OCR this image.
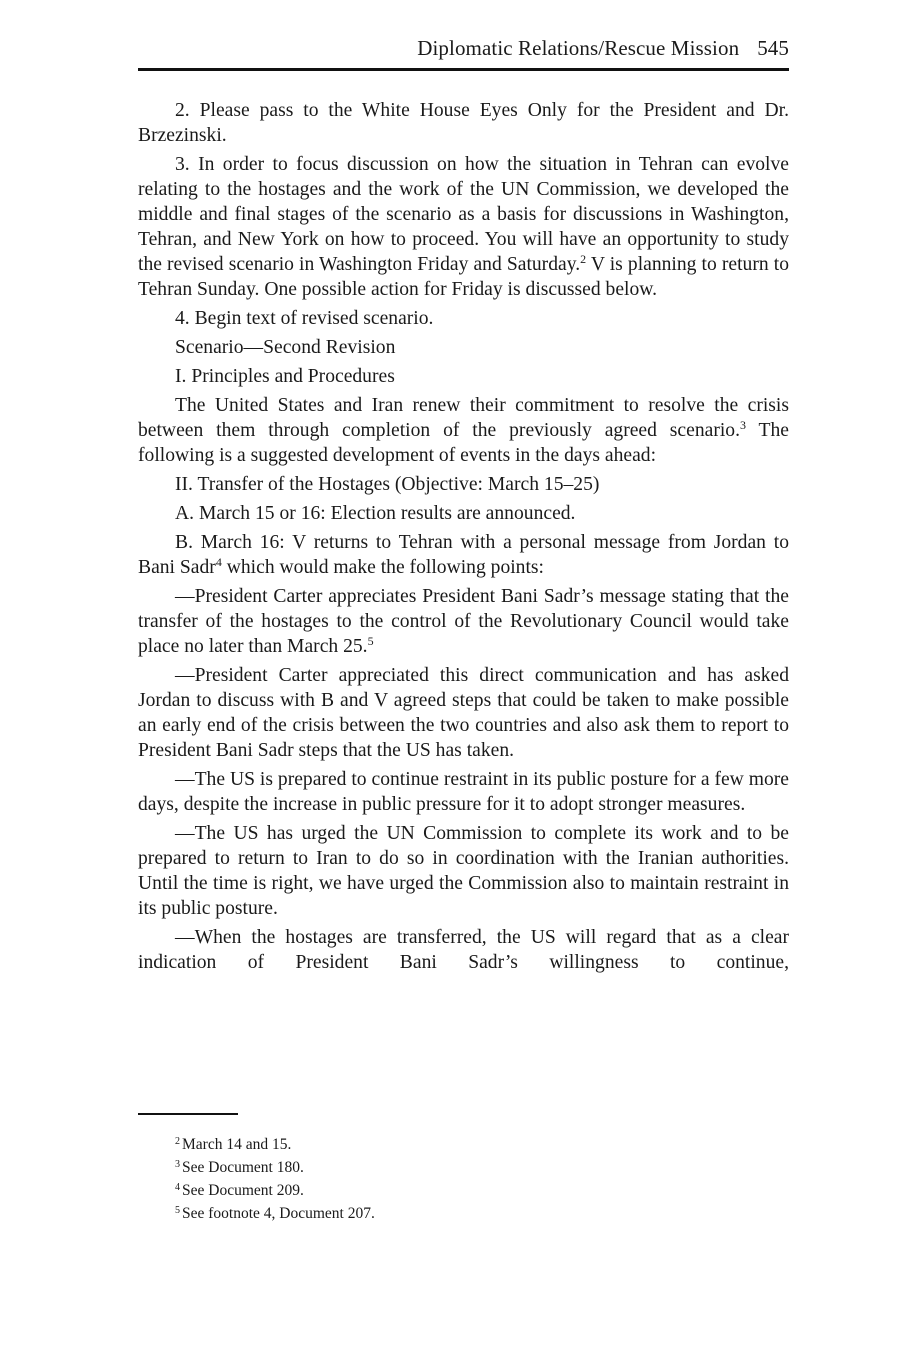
Diplomatic Relations/Rescue Mission 545

2. Please pass to the White House Eyes Only for the President and Dr. Brzezinski.

3. In order to focus discussion on how the situation in Tehran can evolve relating to the hostages and the work of the UN Commission, we developed the middle and final stages of the scenario as a basis for discussions in Washington, Tehran, and New York on how to proceed. You will have an opportunity to study the revised scenario in Washington Friday and Saturday.$^2$ V is planning to return to Tehran Sunday. One possible action for Friday is discussed below.

4. Begin text of revised scenario.

Scenario—Second Revision

I. Principles and Procedures

The United States and Iran renew their commitment to resolve the crisis between them through completion of the previously agreed scenario.$^3$ The following is a suggested development of events in the days ahead:

II. Transfer of the Hostages (Objective: March 15–25)

A. March 15 or 16: Election results are announced.

B. March 16: V returns to Tehran with a personal message from Jordan to Bani Sadr$^4$ which would make the following points:

—President Carter appreciates President Bani Sadr’s message stating that the transfer of the hostages to the control of the Revolutionary Council would take place no later than March 25.$^5$

—President Carter appreciated this direct communication and has asked Jordan to discuss with B and V agreed steps that could be taken to make possible an early end of the crisis between the two countries and also ask them to report to President Bani Sadr steps that the US has taken.

—The US is prepared to continue restraint in its public posture for a few more days, despite the increase in public pressure for it to adopt stronger measures.

—The US has urged the UN Commission to complete its work and to be prepared to return to Iran to do so in coordination with the Iranian authorities. Until the time is right, we have urged the Commission also to maintain restraint in its public posture.

—When the hostages are transferred, the US will regard that as a clear indication of President Bani Sadr’s willingness to continue,

$^2$ March 14 and 15.
$^3$ See Document 180.
$^4$ See Document 209.
$^5$ See footnote 4, Document 207.
